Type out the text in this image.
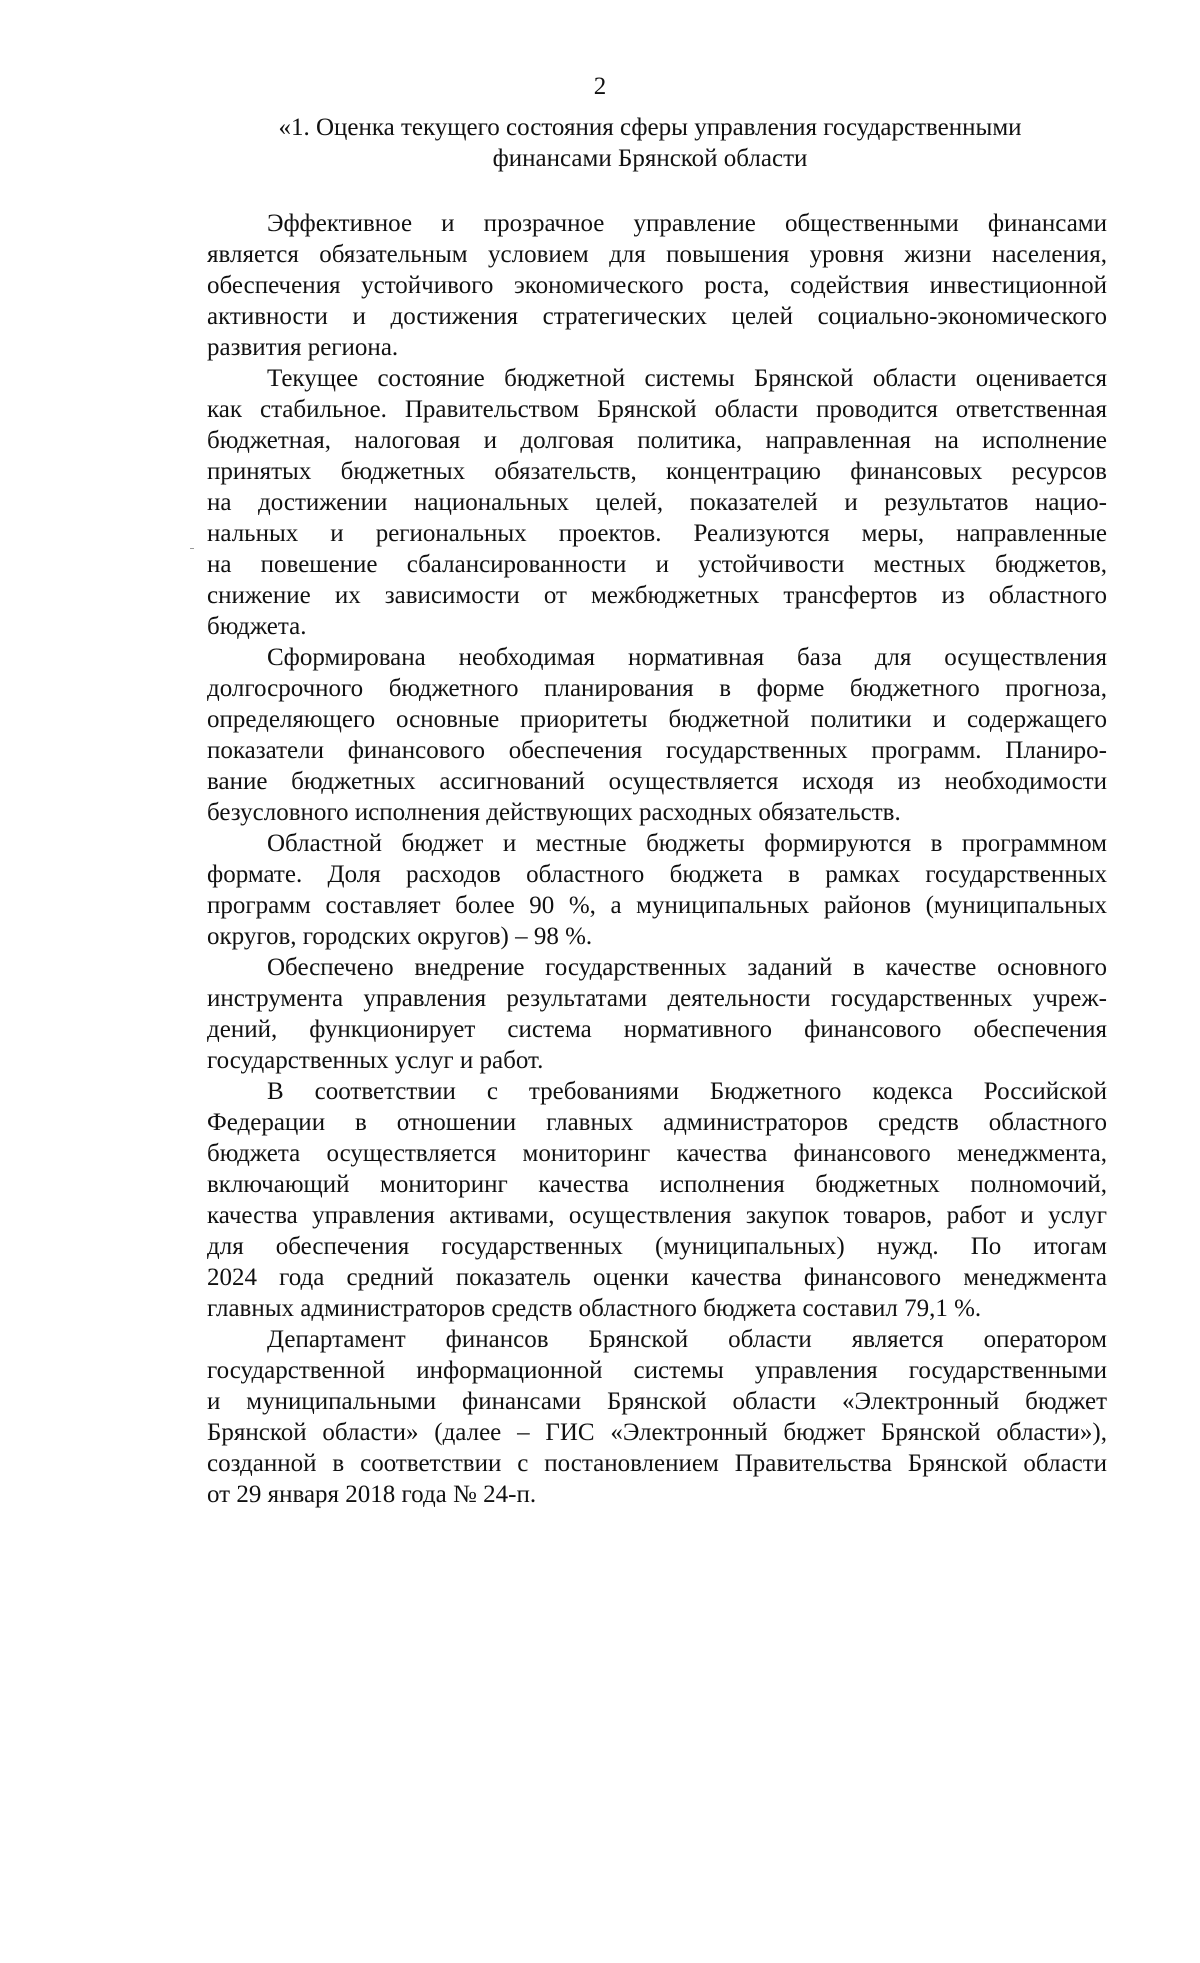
2
«1. Оценка текущего состояния сферы управления государственными
финансами Брянской области
Эффективное и прозрачное управление общественными финансами
является обязательным условием для повышения уровня жизни населения,
обеспечения устойчивого экономического роста, содействия инвестиционной
активности и достижения стратегических целей социально-экономического
развития региона.
Текущее состояние бюджетной системы Брянской области оценивается
как стабильное. Правительством Брянской области проводится ответственная
бюджетная, налоговая и долговая политика, направленная на исполнение
принятых бюджетных обязательств, концентрацию финансовых ресурсов
на достижении национальных целей, показателей и результатов нацио-
нальных и региональных проектов. Реализуются меры, направленные
на повешение сбалансированности и устойчивости местных бюджетов,
снижение их зависимости от межбюджетных трансфертов из областного
бюджета.
Сформирована необходимая нормативная база для осуществления
долгосрочного бюджетного планирования в форме бюджетного прогноза,
определяющего основные приоритеты бюджетной политики и содержащего
показатели финансового обеспечения государственных программ. Планиро-
вание бюджетных ассигнований осуществляется исходя из необходимости
безусловного исполнения действующих расходных обязательств.
Областной бюджет и местные бюджеты формируются в программном
формате. Доля расходов областного бюджета в рамках государственных
программ составляет более 90 %, а муниципальных районов (муниципальных
округов, городских округов) – 98 %.
Обеспечено внедрение государственных заданий в качестве основного
инструмента управления результатами деятельности государственных учреж-
дений, функционирует система нормативного финансового обеспечения
государственных услуг и работ.
В соответствии с требованиями Бюджетного кодекса Российской
Федерации в отношении главных администраторов средств областного
бюджета осуществляется мониторинг качества финансового менеджмента,
включающий мониторинг качества исполнения бюджетных полномочий,
качества управления активами, осуществления закупок товаров, работ и услуг
для обеспечения государственных (муниципальных) нужд. По итогам
2024 года средний показатель оценки качества финансового менеджмента
главных администраторов средств областного бюджета составил 79,1 %.
Департамент финансов Брянской области является оператором
государственной информационной системы управления государственными
и муниципальными финансами Брянской области «Электронный бюджет
Брянской области» (далее – ГИС «Электронный бюджет Брянской области»),
созданной в соответствии с постановлением Правительства Брянской области
от 29 января 2018 года № 24-п.
